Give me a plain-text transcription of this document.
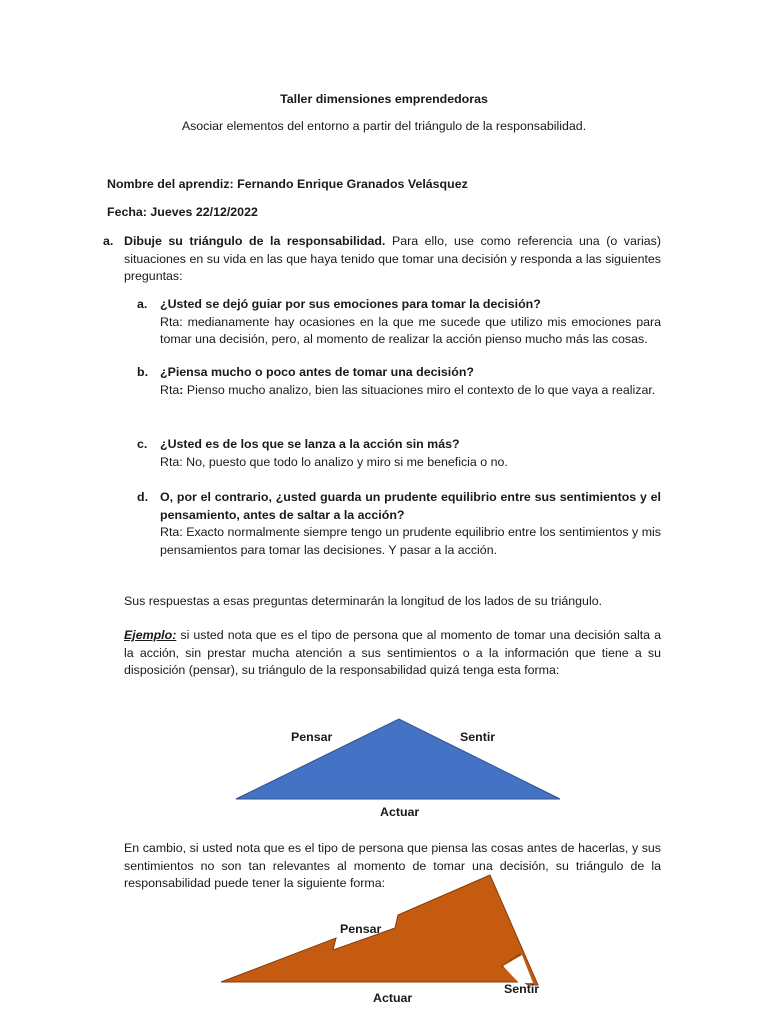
Taller dimensiones emprendedoras
Asociar elementos del entorno a partir del triángulo de la responsabilidad.
Nombre del aprendiz: Fernando Enrique Granados Velásquez
Fecha: Jueves 22/12/2022
a. Dibuje su triángulo de la responsabilidad. Para ello, use como referencia una (o varias) situaciones en su vida en las que haya tenido que tomar una decisión y responda a las siguientes preguntas:
a. ¿Usted se dejó guiar por sus emociones para tomar la decisión?
Rta: medianamente hay ocasiones en la que me sucede que utilizo mis emociones para tomar una decisión, pero, al momento de realizar la acción pienso mucho más las cosas.
b. ¿Piensa mucho o poco antes de tomar una decisión?
Rta: Pienso mucho analizo, bien las situaciones miro el contexto de lo que vaya a realizar.
c. ¿Usted es de los que se lanza a la acción sin más?
Rta: No, puesto que todo lo analizo y miro si me beneficia o no.
d. O, por el contrario, ¿usted guarda un prudente equilibrio entre sus sentimientos y el pensamiento, antes de saltar a la acción?
Rta: Exacto normalmente siempre tengo un prudente equilibrio entre los sentimientos y mis pensamientos para tomar las decisiones. Y pasar a la acción.
Sus respuestas a esas preguntas determinarán la longitud de los lados de su triángulo.
Ejemplo: si usted nota que es el tipo de persona que al momento de tomar una decisión salta a la acción, sin prestar mucha atención a sus sentimientos o a la información que tiene a su disposición (pensar), su triángulo de la responsabilidad quizá tenga esta forma:
Pensar	Sentir
Actuar
En cambio, si usted nota que es el tipo de persona que piensa las cosas antes de hacerlas, y sus sentimientos no son tan relevantes al momento de tomar una decisión, su triángulo de la responsabilidad puede tener la siguiente forma:
Pensar
Sentir
Actuar
